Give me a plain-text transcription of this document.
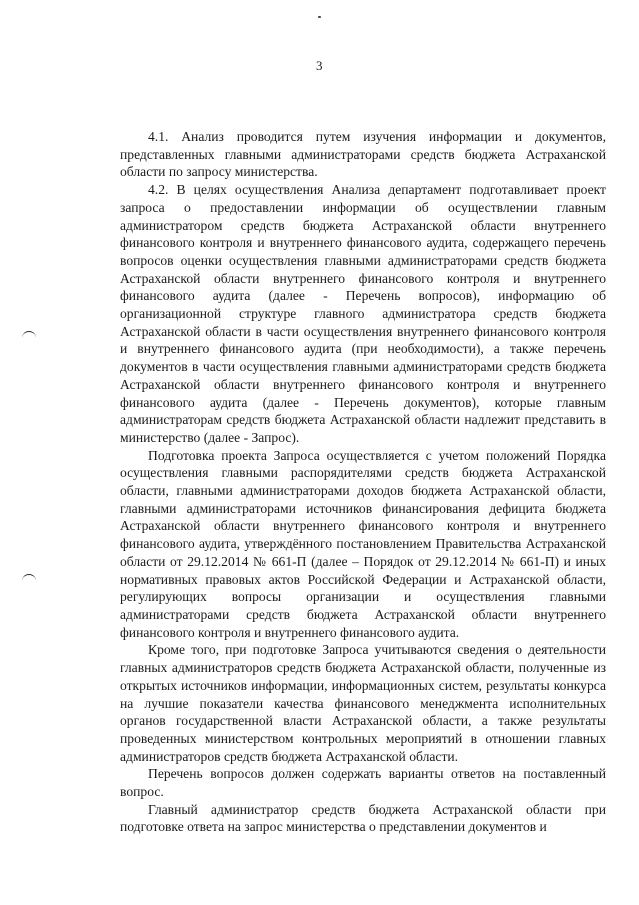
3

4.1. Анализ проводится путем изучения информации и документов, представленных главными администраторами средств бюджета Астраханской области по запросу министерства.

4.2. В целях осуществления Анализа департамент подготавливает проект запроса о предоставлении информации об осуществлении главным администратором средств бюджета Астраханской области внутреннего финансового контроля и внутреннего финансового аудита, содержащего перечень вопросов оценки осуществления главными администраторами средств бюджета Астраханской области внутреннего финансового контроля и внутреннего финансового аудита (далее - Перечень вопросов), информацию об организационной структуре главного администратора средств бюджета Астраханской области в части осуществления внутреннего финансового контроля и внутреннего финансового аудита (при необходимости), а также перечень документов в части осуществления главными администраторами средств бюджета Астраханской области внутреннего финансового контроля и внутреннего финансового аудита (далее - Перечень документов), которые главным администраторам средств бюджета Астраханской области надлежит представить в министерство (далее - Запрос).

Подготовка проекта Запроса осуществляется с учетом положений Порядка осуществления главными распорядителями средств бюджета Астраханской области, главными администраторами доходов бюджета Астраханской области, главными администраторами источников финансирования дефицита бюджета Астраханской области внутреннего финансового контроля и внутреннего финансового аудита, утверждённого постановлением Правительства Астраханской области от 29.12.2014 № 661-П (далее – Порядок от 29.12.2014 № 661-П) и иных нормативных правовых актов Российской Федерации и Астраханской области, регулирующих вопросы организации и осуществления главными администраторами средств бюджета Астраханской области внутреннего финансового контроля и внутреннего финансового аудита.

Кроме того, при подготовке Запроса учитываются сведения о деятельности главных администраторов средств бюджета Астраханской области, полученные из открытых источников информации, информационных систем, результаты конкурса на лучшие показатели качества финансового менеджмента исполнительных органов государственной власти Астраханской области, а также результаты проведенных министерством контрольных мероприятий в отношении главных администраторов средств бюджета Астраханской области.

Перечень вопросов должен содержать варианты ответов на поставленный вопрос.

Главный администратор средств бюджета Астраханской области при подготовке ответа на запрос министерства о представлении документов и
